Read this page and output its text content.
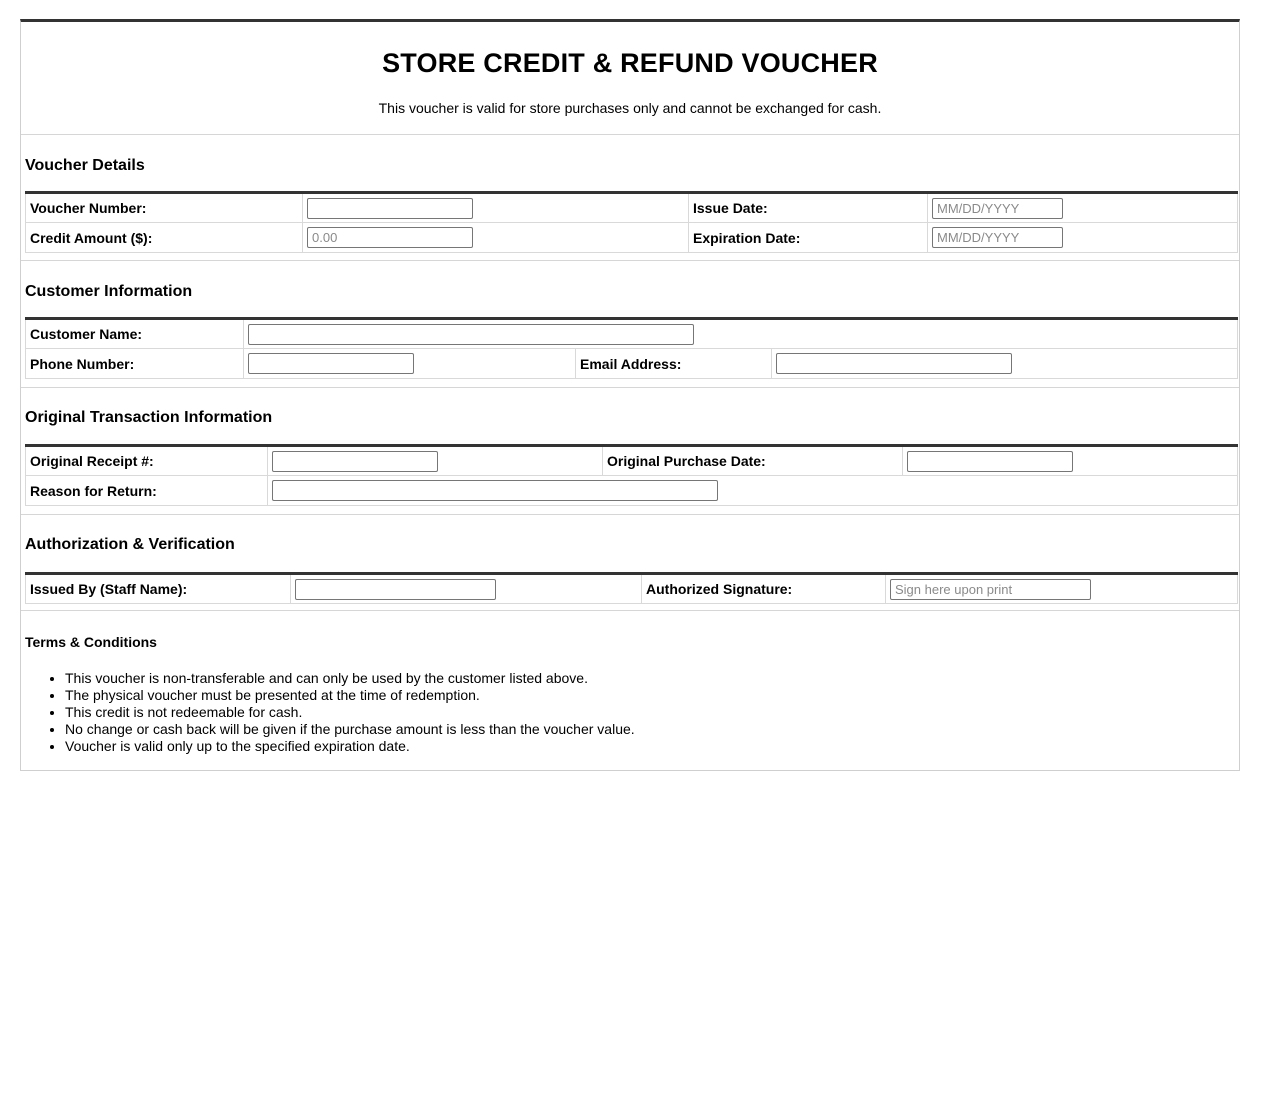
STORE CREDIT & REFUND VOUCHER

This voucher is valid for store purchases only and cannot be exchanged for cash.

Voucher Details
Voucher Number:		Issue Date:	MM/DD/YYYY
Credit Amount ($):	0.00	Expiration Date:	MM/DD/YYYY
Customer Information
Customer Name:	
Phone Number:		Email Address:	
Original Transaction Information
Original Receipt #:		Original Purchase Date:	
Reason for Return:	
Authorization & Verification
Issued By (Staff Name):		Authorized Signature:	Sign here upon print
Terms & Conditions
• This voucher is non-transferable and can only be used by the customer listed above.
• The physical voucher must be presented at the time of redemption.
• This credit is not redeemable for cash.
• No change or cash back will be given if the purchase amount is less than the voucher value.
• Voucher is valid only up to the specified expiration date.
